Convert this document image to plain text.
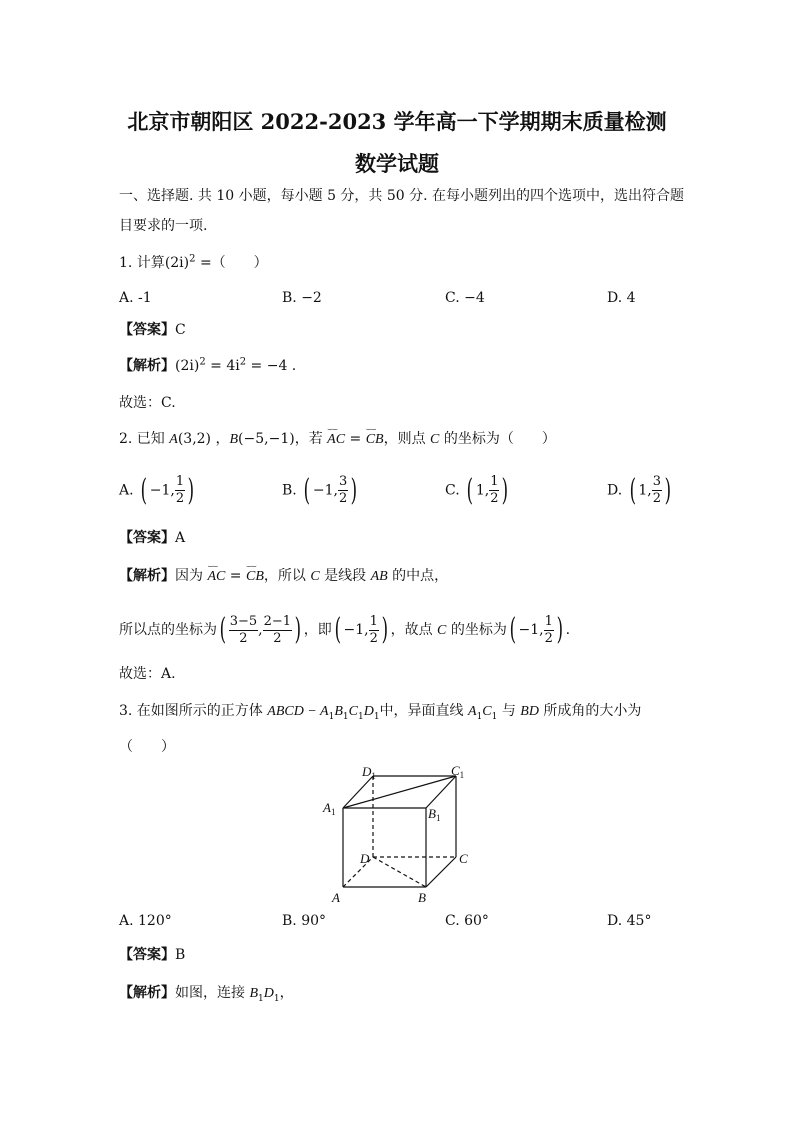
北京市朝阳区 2022-2023 学年高一下学期期末质量检测
数学试题
一、选择题. 共 10 小题，每小题 5 分，共 50 分. 在每小题列出的四个选项中，选出符合题
目要求的一项.
1. 计算$(2i)^2$ =（　　）
A. -1	B. −2	C. −4	D. 4
【答案】C
【解析】$(2i)^2 = 4i^2 = -4$ .
故选：C.
2. 已知 A(3,2) ，B(−5,−1)，若 ⌣⌣ AC = ⌣⌣ CB，则点 C 的坐标为（　　）
A. ( −1, $\frac{1}{2}$ )	B. ( −1, $\frac{3}{2}$ )	C. ( 1, $\frac{1}{2}$ )	D. ( 1, $\frac{3}{2}$ )
【答案】A
【解析】因为 ⌣⌣ AC = ⌣⌣ CB，所以 C 是线段 AB 的中点，
所以点的坐标为( $\frac{3-5}{2}$ , $\frac{2-1}{2}$ ) ，即( −1, $\frac{1}{2}$ ) ，故点 C 的坐标为( −1, $\frac{1}{2}$ ) .
故选：A.
3. 在如图所示的正方体 ABCD − $A_1B_1C_1D_1$中，异面直线 $A_1C_1$ 与 BD 所成角的大小为
（　　）
$D_1$	$C_1$
$A_1$	$B_1$
D	C
A	B
A. 120°	B. 90°	C. 60°	D. 45°
【答案】B
【解析】如图，连接 $B_1D_1$，
